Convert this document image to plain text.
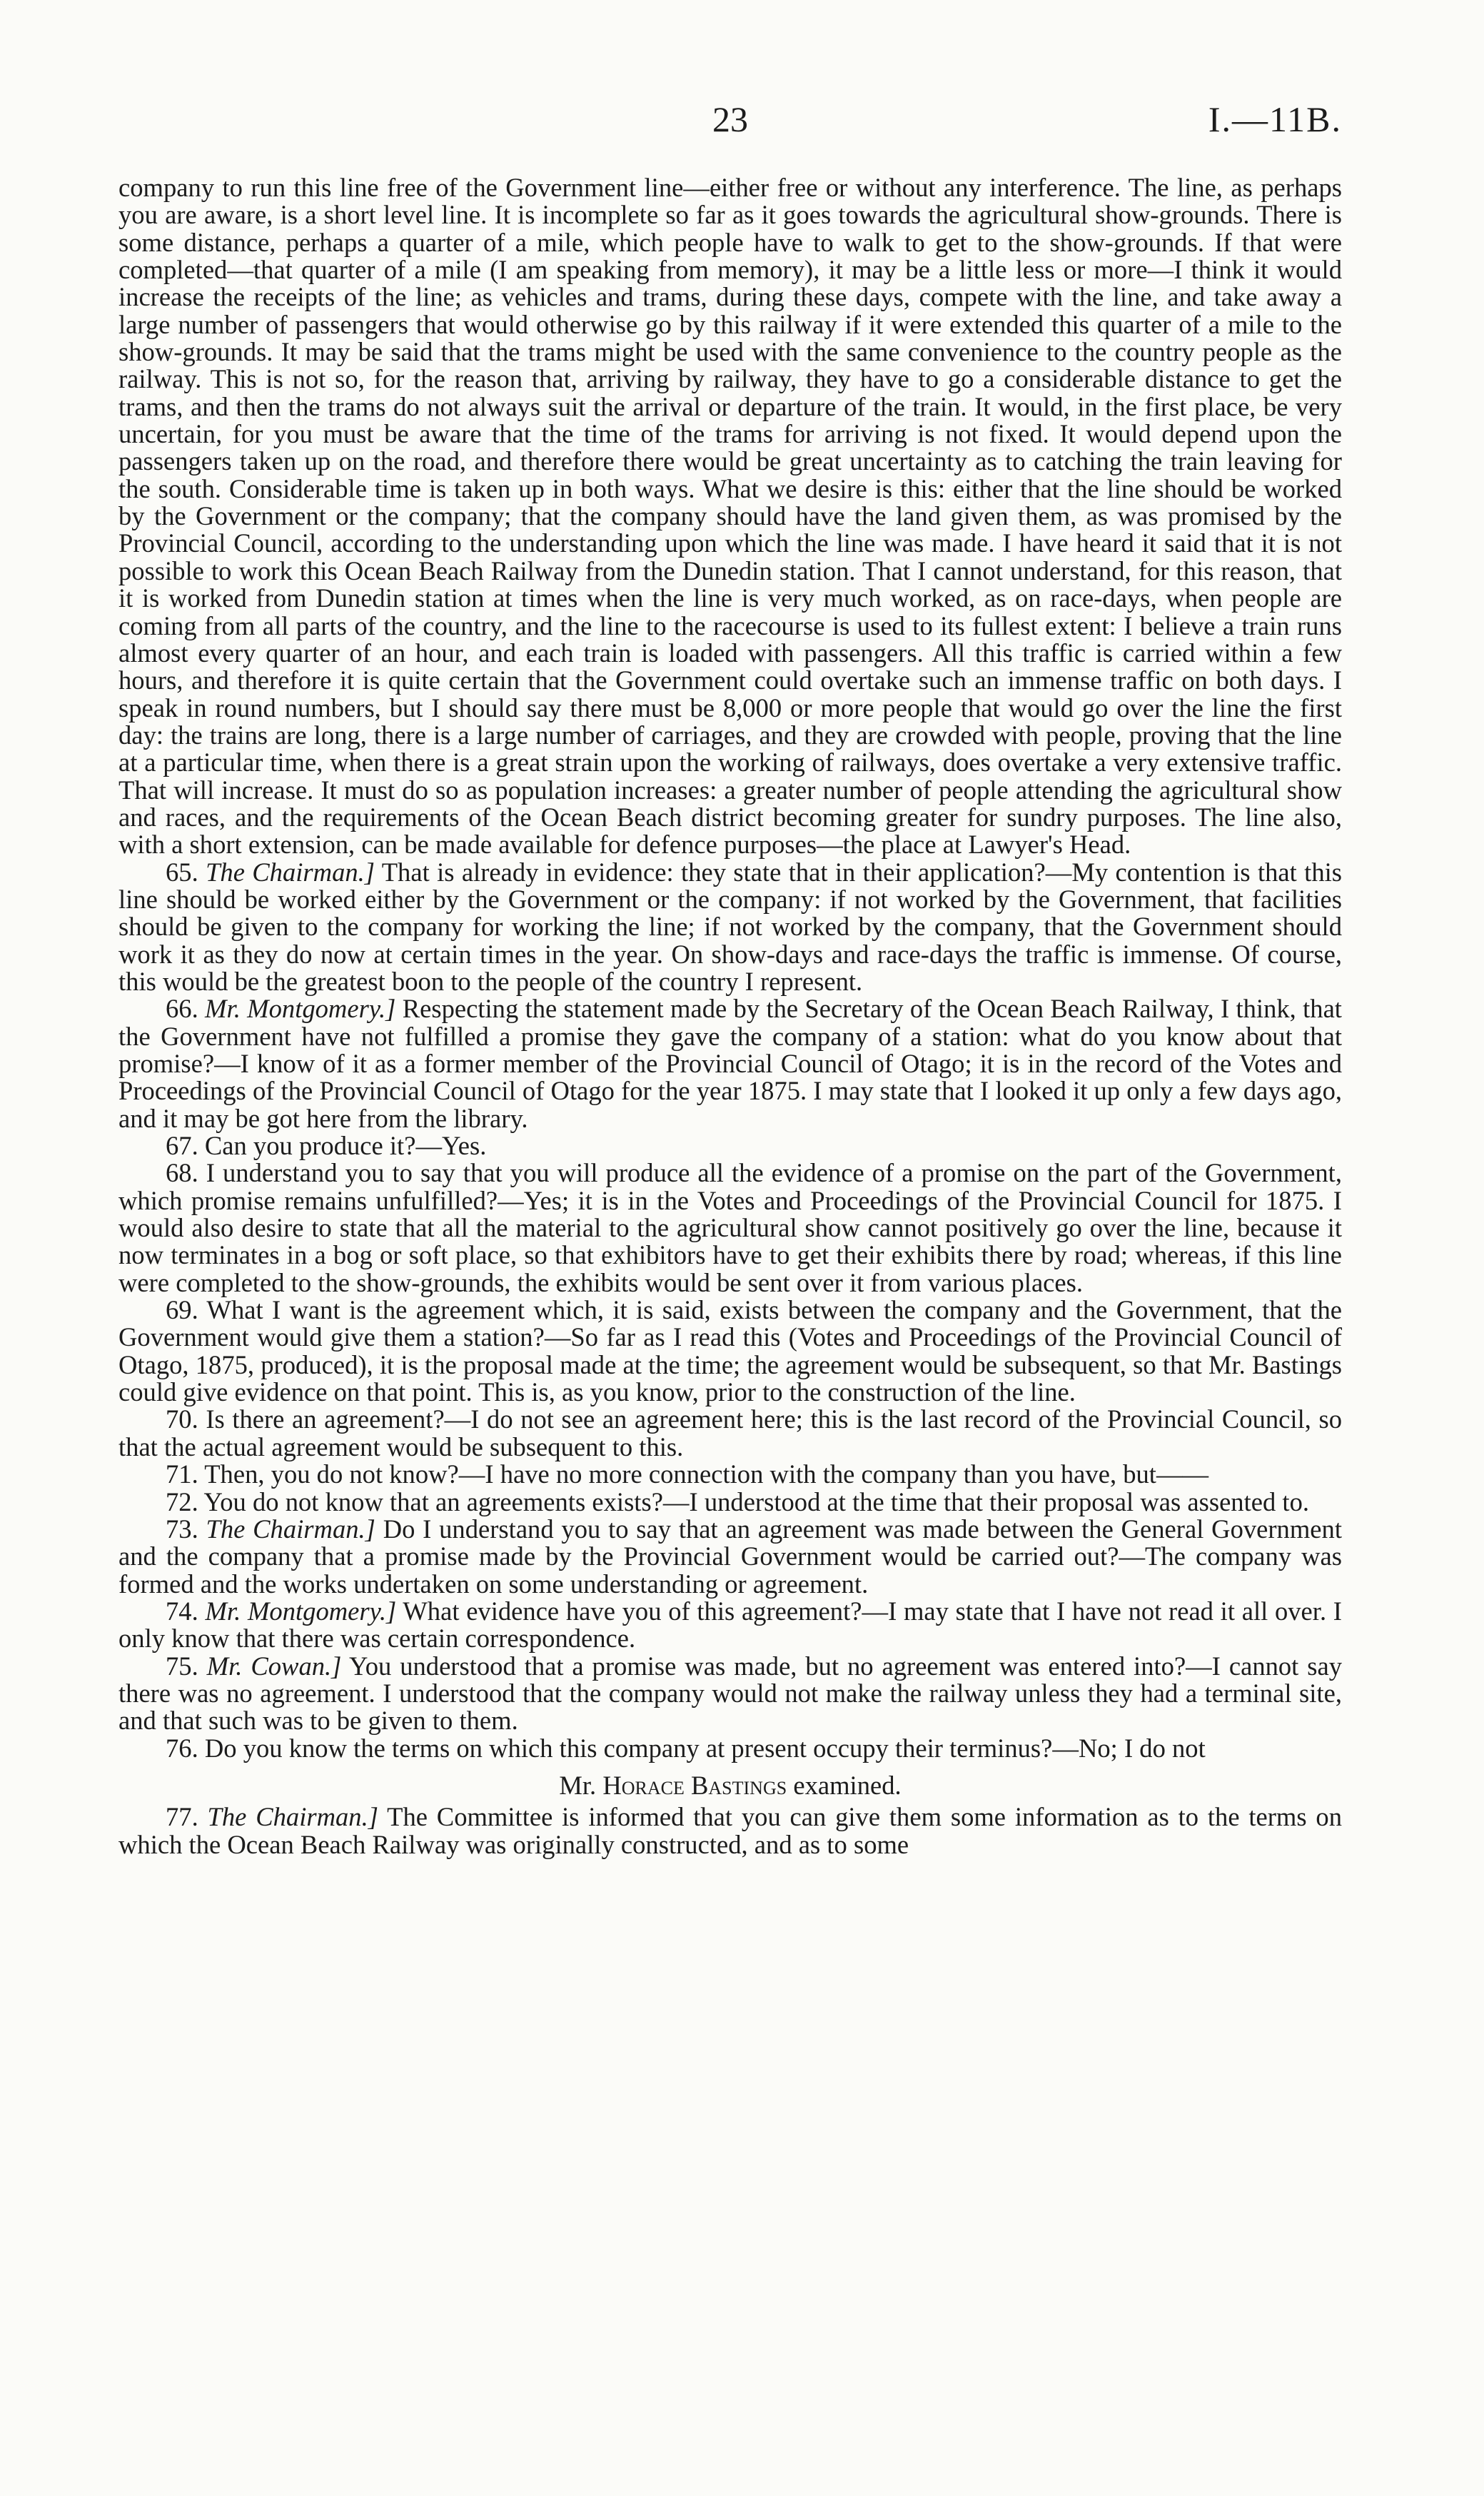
23	I.—11B.

company to run this line free of the Government line—either free or without any interference. The line, as perhaps you are aware, is a short level line. It is incomplete so far as it goes towards the agricultural show-grounds. There is some distance, perhaps a quarter of a mile, which people have to walk to get to the show-grounds. If that were completed—that quarter of a mile (I am speaking from memory), it may be a little less or more—I think it would increase the receipts of the line; as vehicles and trams, during these days, compete with the line, and take away a large number of passengers that would otherwise go by this railway if it were extended this quarter of a mile to the show-grounds. It may be said that the trams might be used with the same convenience to the country people as the railway. This is not so, for the reason that, arriving by railway, they have to go a considerable distance to get the trams, and then the trams do not always suit the arrival or departure of the train. It would, in the first place, be very uncertain, for you must be aware that the time of the trams for arriving is not fixed. It would depend upon the passengers taken up on the road, and therefore there would be great uncertainty as to catching the train leaving for the south. Considerable time is taken up in both ways. What we desire is this: either that the line should be worked by the Government or the company; that the company should have the land given them, as was promised by the Provincial Council, according to the understanding upon which the line was made. I have heard it said that it is not possible to work this Ocean Beach Railway from the Dunedin station. That I cannot understand, for this reason, that it is worked from Dunedin station at times when the line is very much worked, as on race-days, when people are coming from all parts of the country, and the line to the racecourse is used to its fullest extent: I believe a train runs almost every quarter of an hour, and each train is loaded with passengers. All this traffic is carried within a few hours, and therefore it is quite certain that the Government could overtake such an immense traffic on both days. I speak in round numbers, but I should say there must be 8,000 or more people that would go over the line the first day: the trains are long, there is a large number of carriages, and they are crowded with people, proving that the line at a particular time, when there is a great strain upon the working of railways, does overtake a very extensive traffic. That will increase. It must do so as population increases: a greater number of people attending the agricultural show and races, and the requirements of the Ocean Beach district becoming greater for sundry purposes. The line also, with a short extension, can be made available for defence purposes—the place at Lawyer's Head.

65. The Chairman.] That is already in evidence: they state that in their application?—My contention is that this line should be worked either by the Government or the company: if not worked by the Government, that facilities should be given to the company for working the line; if not worked by the company, that the Government should work it as they do now at certain times in the year. On show-days and race-days the traffic is immense. Of course, this would be the greatest boon to the people of the country I represent.

66. Mr. Montgomery.] Respecting the statement made by the Secretary of the Ocean Beach Railway, I think, that the Government have not fulfilled a promise they gave the company of a station: what do you know about that promise?—I know of it as a former member of the Provincial Council of Otago; it is in the record of the Votes and Proceedings of the Provincial Council of Otago for the year 1875. I may state that I looked it up only a few days ago, and it may be got here from the library.

67. Can you produce it?—Yes.

68. I understand you to say that you will produce all the evidence of a promise on the part of the Government, which promise remains unfulfilled?—Yes; it is in the Votes and Proceedings of the Provincial Council for 1875. I would also desire to state that all the material to the agricultural show cannot positively go over the line, because it now terminates in a bog or soft place, so that exhibitors have to get their exhibits there by road; whereas, if this line were completed to the show-grounds, the exhibits would be sent over it from various places.

69. What I want is the agreement which, it is said, exists between the company and the Government, that the Government would give them a station?—So far as I read this (Votes and Proceedings of the Provincial Council of Otago, 1875, produced), it is the proposal made at the time; the agreement would be subsequent, so that Mr. Bastings could give evidence on that point. This is, as you know, prior to the construction of the line.

70. Is there an agreement?—I do not see an agreement here; this is the last record of the Provincial Council, so that the actual agreement would be subsequent to this.

71. Then, you do not know?—I have no more connection with the company than you have, but——

72. You do not know that an agreements exists?—I understood at the time that their proposal was assented to.

73. The Chairman.] Do I understand you to say that an agreement was made between the General Government and the company that a promise made by the Provincial Government would be carried out?—The company was formed and the works undertaken on some understanding or agreement.

74. Mr. Montgomery.] What evidence have you of this agreement?—I may state that I have not read it all over. I only know that there was certain correspondence.

75. Mr. Cowan.] You understood that a promise was made, but no agreement was entered into?—I cannot say there was no agreement. I understood that the company would not make the railway unless they had a terminal site, and that such was to be given to them.

76. Do you know the terms on which this company at present occupy their terminus?—No; I do not

Mr. Horace Bastings examined.

77. The Chairman.] The Committee is informed that you can give them some information as to the terms on which the Ocean Beach Railway was originally constructed, and as to some
